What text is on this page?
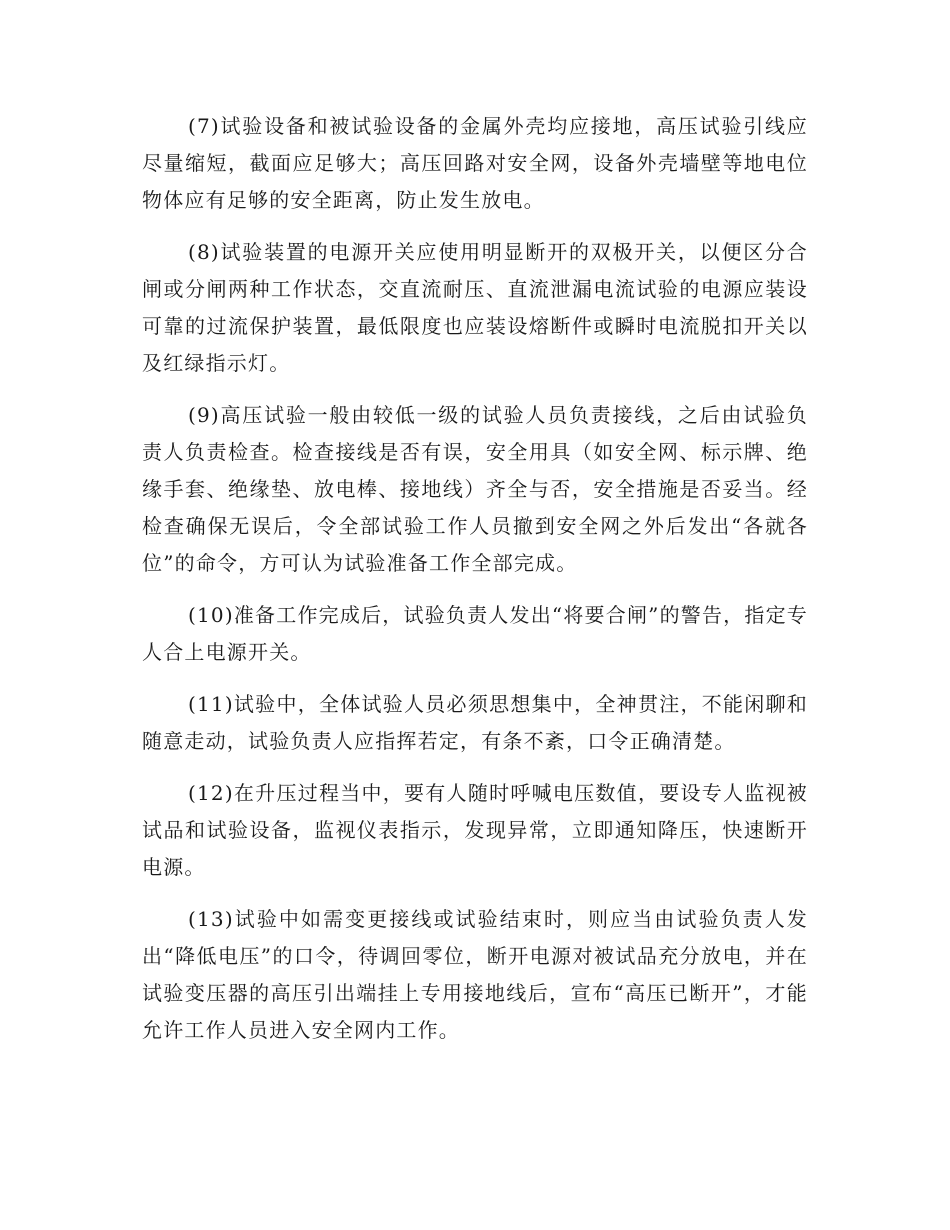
(7)试验设备和被试验设备的金属外壳均应接地，高压试验引线应尽量缩短，截面应足够大；高压回路对安全网，设备外壳墙壁等地电位物体应有足够的安全距离，防止发生放电。

(8)试验装置的电源开关应使用明显断开的双极开关，以便区分合闸或分闸两种工作状态，交直流耐压、直流泄漏电流试验的电源应装设可靠的过流保护装置，最低限度也应装设熔断件或瞬时电流脱扣开关以及红绿指示灯。

(9)高压试验一般由较低一级的试验人员负责接线，之后由试验负责人负责检查。检查接线是否有误，安全用具（如安全网、标示牌、绝缘手套、绝缘垫、放电棒、接地线）齐全与否，安全措施是否妥当。经检查确保无误后，令全部试验工作人员撤到安全网之外后发出“各就各位”的命令，方可认为试验准备工作全部完成。

(10)准备工作完成后，试验负责人发出“将要合闸”的警告，指定专人合上电源开关。

(11)试验中，全体试验人员必须思想集中，全神贯注，不能闲聊和随意走动，试验负责人应指挥若定，有条不紊，口令正确清楚。

(12)在升压过程当中，要有人随时呼喊电压数值，要设专人监视被试品和试验设备，监视仪表指示，发现异常，立即通知降压，快速断开电源。

(13)试验中如需变更接线或试验结束时，则应当由试验负责人发出“降低电压”的口令，待调回零位，断开电源对被试品充分放电，并在试验变压器的高压引出端挂上专用接地线后，宣布“高压已断开”，才能允许工作人员进入安全网内工作。
